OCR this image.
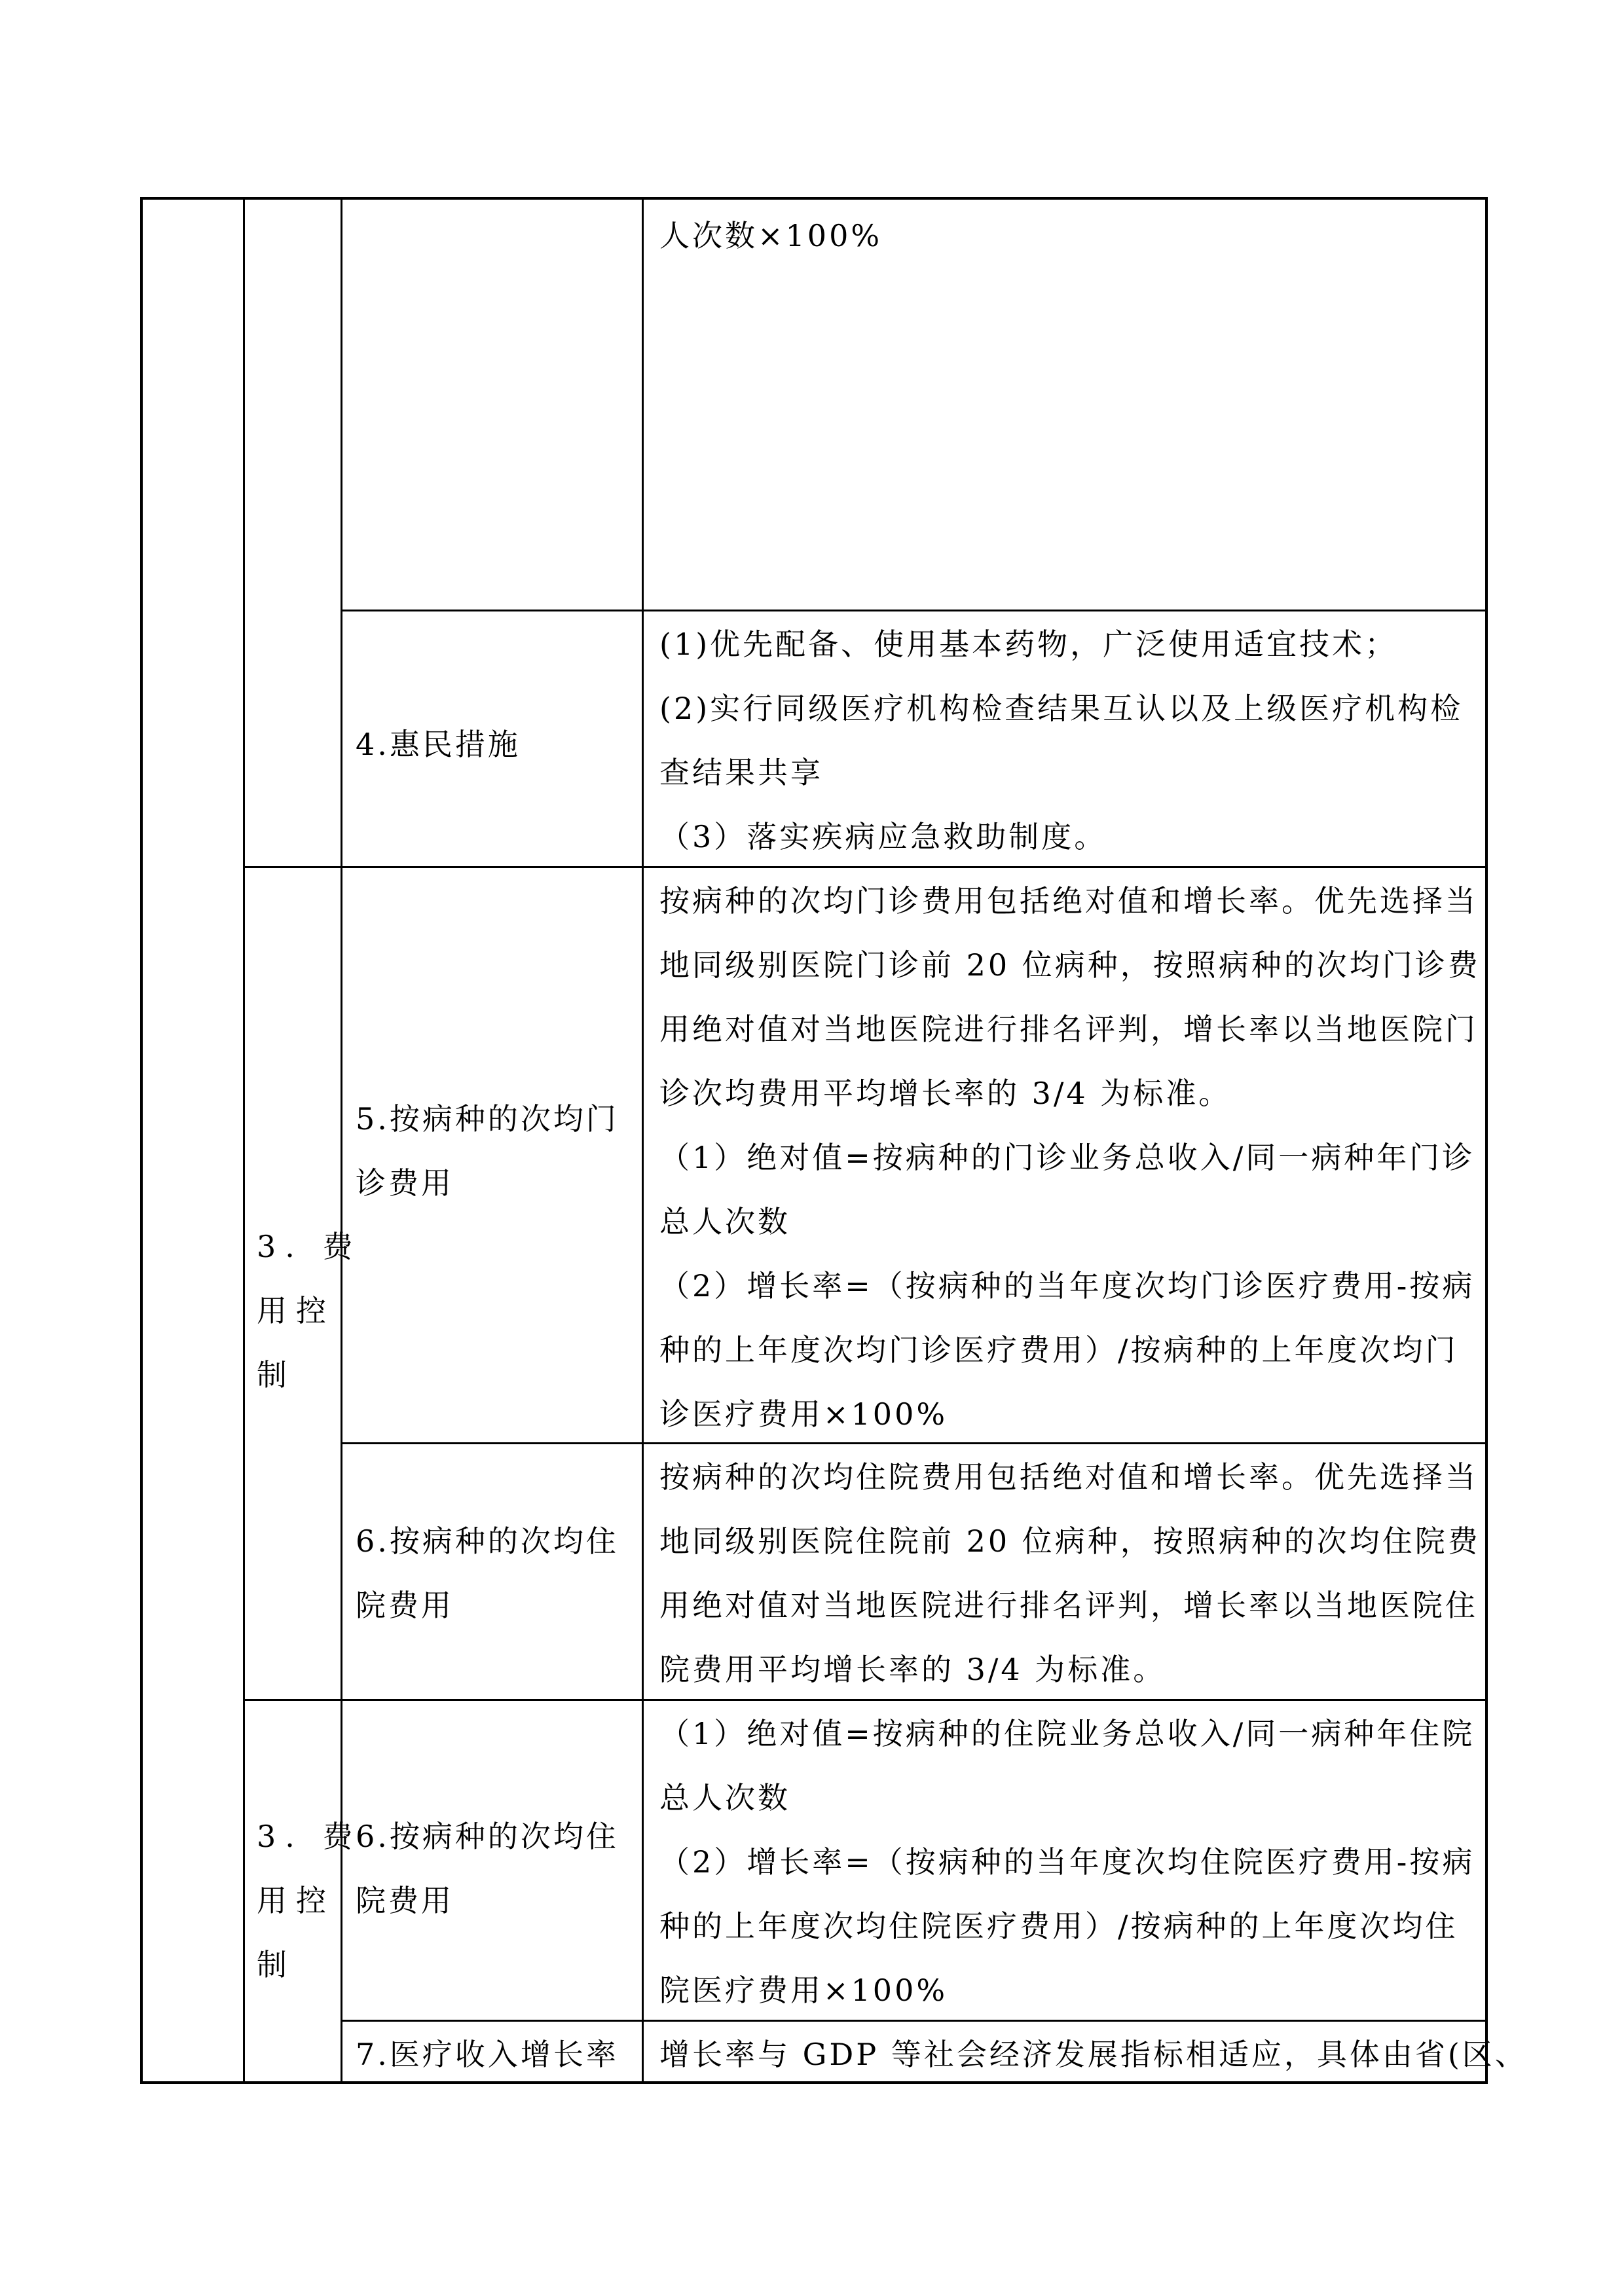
人次数×100%
4.惠民措施
(1)优先配备、使用基本药物，广泛使用适宜技术；
(2)实行同级医疗机构检查结果互认以及上级医疗机构检
查结果共享
（3）落实疾病应急救助制度。
3. 费
用控
制
5.按病种的次均门
诊费用
按病种的次均门诊费用包括绝对值和增长率。优先选择当
地同级别医院门诊前 20 位病种，按照病种的次均门诊费
用绝对值对当地医院进行排名评判，增长率以当地医院门
诊次均费用平均增长率的 3/4 为标准。
（1）绝对值=按病种的门诊业务总收入/同一病种年门诊
总人次数
（2）增长率=（按病种的当年度次均门诊医疗费用-按病
种的上年度次均门诊医疗费用）/按病种的上年度次均门
诊医疗费用×100%
6.按病种的次均住
院费用
按病种的次均住院费用包括绝对值和增长率。优先选择当
地同级别医院住院前 20 位病种，按照病种的次均住院费
用绝对值对当地医院进行排名评判，增长率以当地医院住
院费用平均增长率的 3/4 为标准。
3. 费
用控
制
6.按病种的次均住
院费用
（1）绝对值=按病种的住院业务总收入/同一病种年住院
总人次数
（2）增长率=（按病种的当年度次均住院医疗费用-按病
种的上年度次均住院医疗费用）/按病种的上年度次均住
院医疗费用×100%
7.医疗收入增长率 增长率与 GDP 等社会经济发展指标相适应，具体由省(区、
